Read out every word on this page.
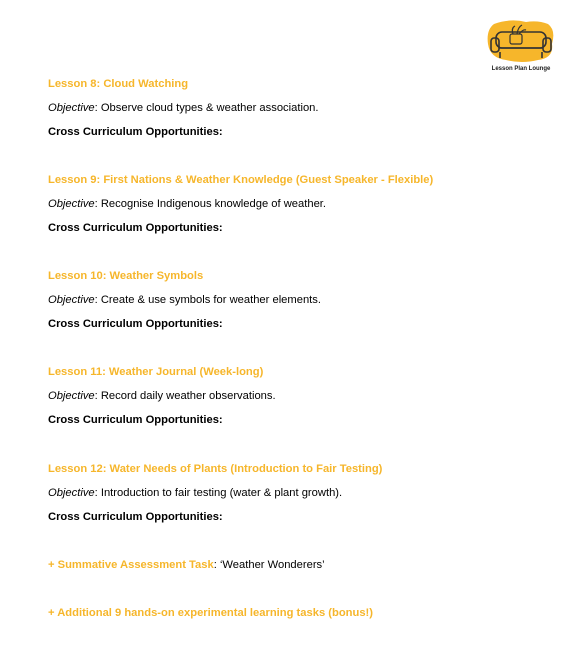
Lesson Plan Lounge
Lesson 8: Cloud Watching
Objective: Observe cloud types & weather association.
Cross Curriculum Opportunities:
Lesson 9: First Nations & Weather Knowledge (Guest Speaker - Flexible)
Objective: Recognise Indigenous knowledge of weather.
Cross Curriculum Opportunities:
Lesson 10: Weather Symbols
Objective: Create & use symbols for weather elements.
Cross Curriculum Opportunities:
Lesson 11: Weather Journal (Week-long)
Objective: Record daily weather observations.
Cross Curriculum Opportunities:
Lesson 12: Water Needs of Plants (Introduction to Fair Testing)
Objective: Introduction to fair testing (water & plant growth).
Cross Curriculum Opportunities:
+ Summative Assessment Task: ‘Weather Wonderers’
+ Additional 9 hands-on experimental learning tasks (bonus!)
